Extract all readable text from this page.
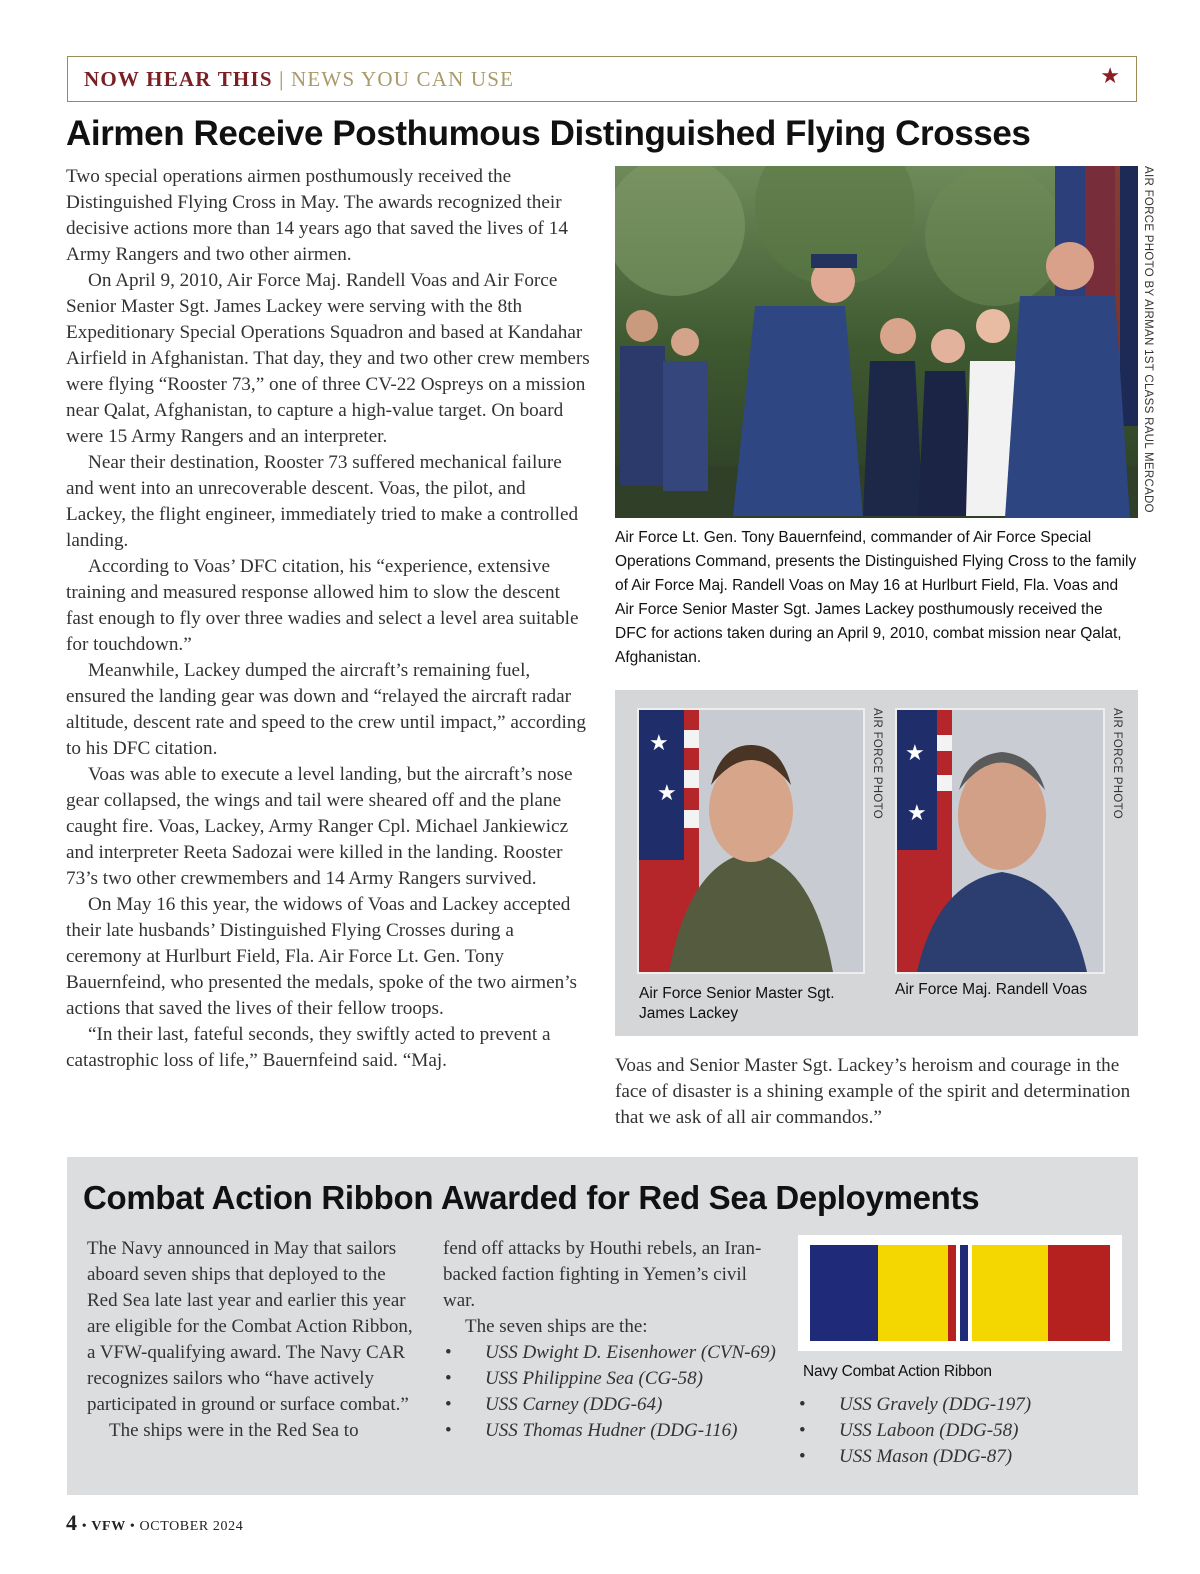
NOW HEAR THIS | NEWS YOU CAN USE	★
Airmen Receive Posthumous Distinguished Flying Crosses

Two special operations airmen posthumously received the Distinguished Flying Cross in May. The awards recognized their decisive actions more than 14 years ago that saved the lives of 14 Army Rangers and two other airmen.

On April 9, 2010, Air Force Maj. Randell Voas and Air Force Senior Master Sgt. James Lackey were serving with the 8th Expeditionary Special Operations Squadron and based at Kandahar Airfield in Afghanistan. That day, they and two other crew members were flying “Rooster 73,” one of three CV-22 Ospreys on a mission near Qalat, Afghanistan, to capture a high-value target. On board were 15 Army Rangers and an interpreter.

Near their destination, Rooster 73 suffered mechanical failure and went into an unrecoverable descent. Voas, the pilot, and Lackey, the flight engineer, immediately tried to make a controlled landing.

According to Voas’ DFC citation, his “experience, extensive training and measured response allowed him to slow the descent fast enough to fly over three wadies and select a level area suitable for touchdown.”

Meanwhile, Lackey dumped the aircraft’s remaining fuel, ensured the landing gear was down and “relayed the aircraft radar altitude, descent rate and speed to the crew until impact,” according to his DFC citation.

Voas was able to execute a level landing, but the aircraft’s nose gear collapsed, the wings and tail were sheared off and the plane caught fire. Voas, Lackey, Army Ranger Cpl. Michael Jankiewicz and interpreter Reeta Sadozai were killed in the landing. Rooster 73’s two other crewmembers and 14 Army Rangers survived.

On May 16 this year, the widows of Voas and Lackey accepted their late husbands’ Distinguished Flying Crosses during a ceremony at Hurlburt Field, Fla. Air Force Lt. Gen. Tony Bauernfeind, who presented the medals, spoke of the two airmen’s actions that saved the lives of their fellow troops.

“In their last, fateful seconds, they swiftly acted to prevent a catastrophic loss of life,” Bauernfeind said. “Maj.

AIR FORCE PHOTO BY AIRMAN 1ST CLASS RAUL MERCADO
Air Force Lt. Gen. Tony Bauernfeind, commander of Air Force Special Operations Command, presents the Distinguished Flying Cross to the family of Air Force Maj. Randell Voas on May 16 at Hurlburt Field, Fla. Voas and Air Force Senior Master Sgt. James Lackey posthumously received the DFC for actions taken during an April 9, 2010, combat mission near Qalat, Afghanistan.
★
★	AIR FORCE PHOTO
Air Force Senior Master Sgt. James Lackey
★
★	AIR FORCE PHOTO
Air Force Maj. Randell Voas

Voas and Senior Master Sgt. Lackey’s heroism and courage in the face of disaster is a shining example of the spirit and determination that we ask of all air commandos.”

Combat Action Ribbon Awarded for Red Sea Deployments

The Navy announced in May that sailors aboard seven ships that deployed to the Red Sea late last year and earlier this year are eligible for the Combat Action Ribbon, a VFW-qualifying award. The Navy CAR recognizes sailors who “have actively participated in ground or surface combat.”

The ships were in the Red Sea to

fend off attacks by Houthi rebels, an Iran-backed faction fighting in Yemen’s civil war.

The seven ships are the:

• USS Dwight D. Eisenhower (CVN-69)
• USS Philippine Sea (CG-58)
• USS Carney (DDG-64)
• USS Thomas Hudner (DDG-116)
Navy Combat Action Ribbon
• USS Gravely (DDG-197)
• USS Laboon (DDG-58)
• USS Mason (DDG-87)
4 • VFW • OCTOBER 2024
